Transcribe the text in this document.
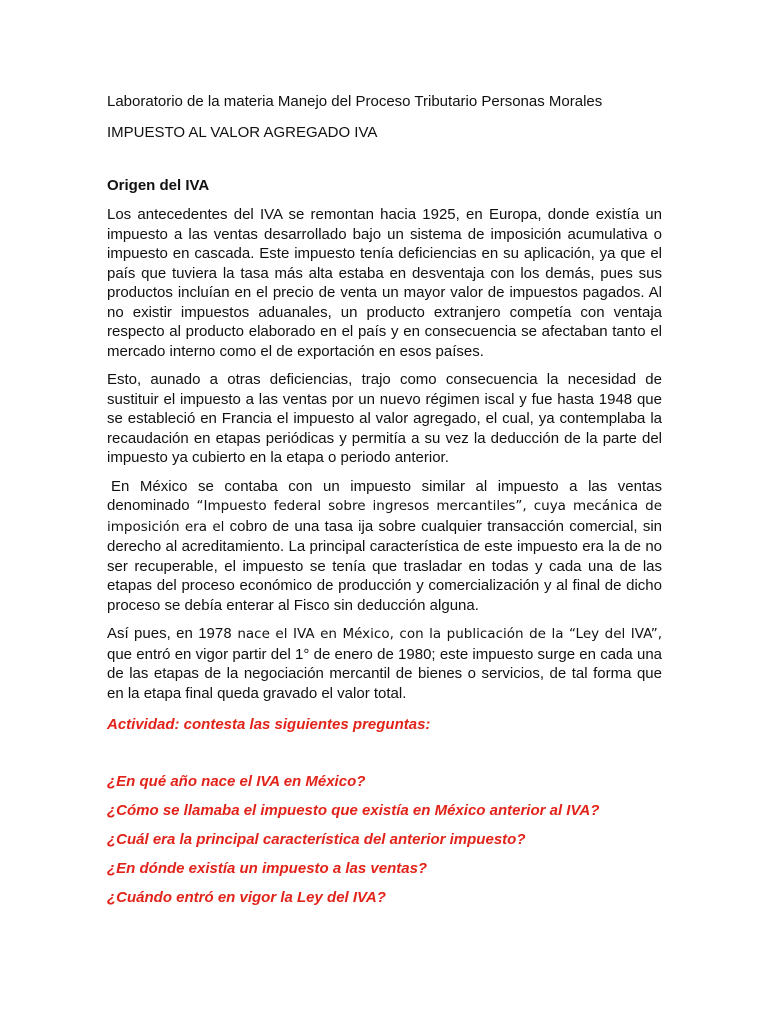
Laboratorio de la materia Manejo del Proceso Tributario Personas Morales

IMPUESTO AL VALOR AGREGADO IVA

Origen del IVA

Los antecedentes del IVA se remontan hacia 1925, en Europa, donde existía un impuesto a las ventas desarrollado bajo un sistema de imposición acumulativa o impuesto en cascada. Este impuesto tenía deficiencias en su aplicación, ya que el país que tuviera la tasa más alta estaba en desventaja con los demás, pues sus productos incluían en el precio de venta un mayor valor de impuestos pagados. Al no existir impuestos aduanales, un producto extranjero competía con ventaja respecto al producto elaborado en el país y en consecuencia se afectaban tanto el mercado interno como el de exportación en esos países.

Esto, aunado a otras deficiencias, trajo como consecuencia la necesidad de sustituir el impuesto a las ventas por un nuevo régimen iscal y fue hasta 1948 que se estableció en Francia el impuesto al valor agregado, el cual, ya contemplaba la recaudación en etapas periódicas y permitía a su vez la deducción de la parte del impuesto ya cubierto en la etapa o periodo anterior.

En México se contaba con un impuesto similar al impuesto a las ventas denominado “Impuesto federal sobre ingresos mercantiles”, cuya mecánica de imposición era el cobro de una tasa ija sobre cualquier transacción comercial, sin derecho al acreditamiento. La principal característica de este impuesto era la de no ser recuperable, el impuesto se tenía que trasladar en todas y cada una de las etapas del proceso económico de producción y comercialización y al final de dicho proceso se debía enterar al Fisco sin deducción alguna.

Así pues, en 1978 nace el IVA en México, con la publicación de la “Ley del IVA”, que entró en vigor partir del 1° de enero de 1980; este impuesto surge en cada una de las etapas de la negociación mercantil de bienes o servicios, de tal forma que en la etapa final queda gravado el valor total.

Actividad: contesta las siguientes preguntas:

¿En qué año nace el IVA en México?
¿Cómo se llamaba el impuesto que existía en México anterior al IVA?
¿Cuál era la principal característica del anterior impuesto?
¿En dónde existía un impuesto a las ventas?
¿Cuándo entró en vigor la Ley del IVA?
